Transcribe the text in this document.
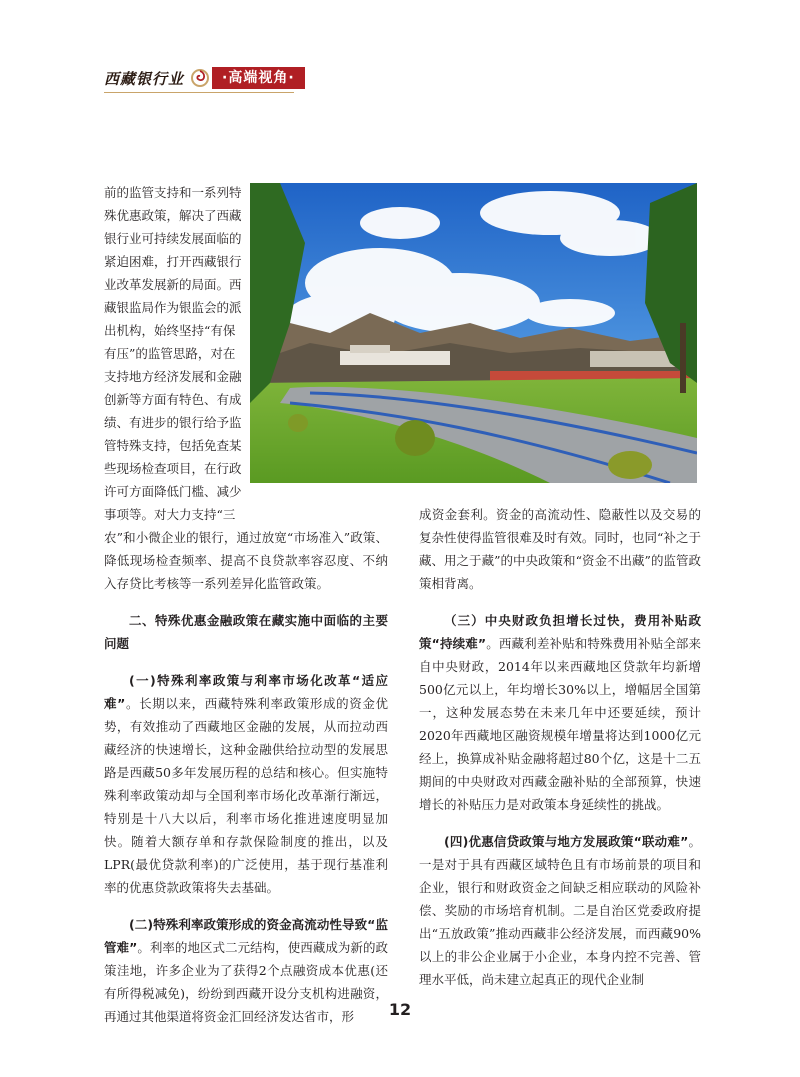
西藏银行业	·高端视角·

前的监管支持和一系列特
殊优惠政策，解决了西藏
银行业可持续发展面临的
紧迫困难，打开西藏银行
业改革发展新的局面。西
藏银监局作为银监会的派
出机构，始终坚持“有保
有压”的监管思路，对在
支持地方经济发展和金融
创新等方面有特色、有成
绩、有进步的银行给予监
管特殊支持，包括免查某
些现场检查项目，在行政
许可方面降低门槛、减少
事项等。对大力支持“三

农”和小微企业的银行，通过放宽“市场准入”政策、降低现场检查频率、提高不良贷款率容忍度、不纳入存贷比考核等一系列差异化监管政策。

二、特殊优惠金融政策在藏实施中面临的主要问题

(一)特殊利率政策与利率市场化改革“适应难”。长期以来，西藏特殊利率政策形成的资金优势，有效推动了西藏地区金融的发展，从而拉动西藏经济的快速增长，这种金融供给拉动型的发展思路是西藏50多年发展历程的总结和核心。但实施特殊利率政策动却与全国利率市场化改革渐行渐远，特别是十八大以后，利率市场化推进速度明显加快。随着大额存单和存款保险制度的推出，以及LPR(最优贷款利率)的广泛使用，基于现行基准利率的优惠贷款政策将失去基础。

(二)特殊利率政策形成的资金高流动性导致“监管难”。利率的地区式二元结构，使西藏成为新的政策洼地，许多企业为了获得2个点融资成本优惠(还有所得税减免)，纷纷到西藏开设分支机构进融资，再通过其他渠道将资金汇回经济发达省市，形

成资金套利。资金的高流动性、隐蔽性以及交易的复杂性使得监管很难及时有效。同时，也同“补之于藏、用之于藏”的中央政策和“资金不出藏”的监管政策相背离。

（三）中央财政负担增长过快，费用补贴政策“持续难”。西藏利差补贴和特殊费用补贴全部来自中央财政，2014年以来西藏地区贷款年均新增500亿元以上，年均增长30%以上，增幅居全国第一，这种发展态势在未来几年中还要延续，预计2020年西藏地区融资规模年增量将达到1000亿元经上，换算成补贴金融将超过80个亿，这是十二五期间的中央财政对西藏金融补贴的全部预算，快速增长的补贴压力是对政策本身延续性的挑战。

(四)优惠信贷政策与地方发展政策“联动难”。一是对于具有西藏区域特色且有市场前景的项目和企业，银行和财政资金之间缺乏相应联动的风险补偿、奖励的市场培育机制。二是自治区党委政府提出“五放政策”推动西藏非公经济发展，而西藏90%以上的非公企业属于小企业，本身内控不完善、管理水平低，尚未建立起真正的现代企业制

12
